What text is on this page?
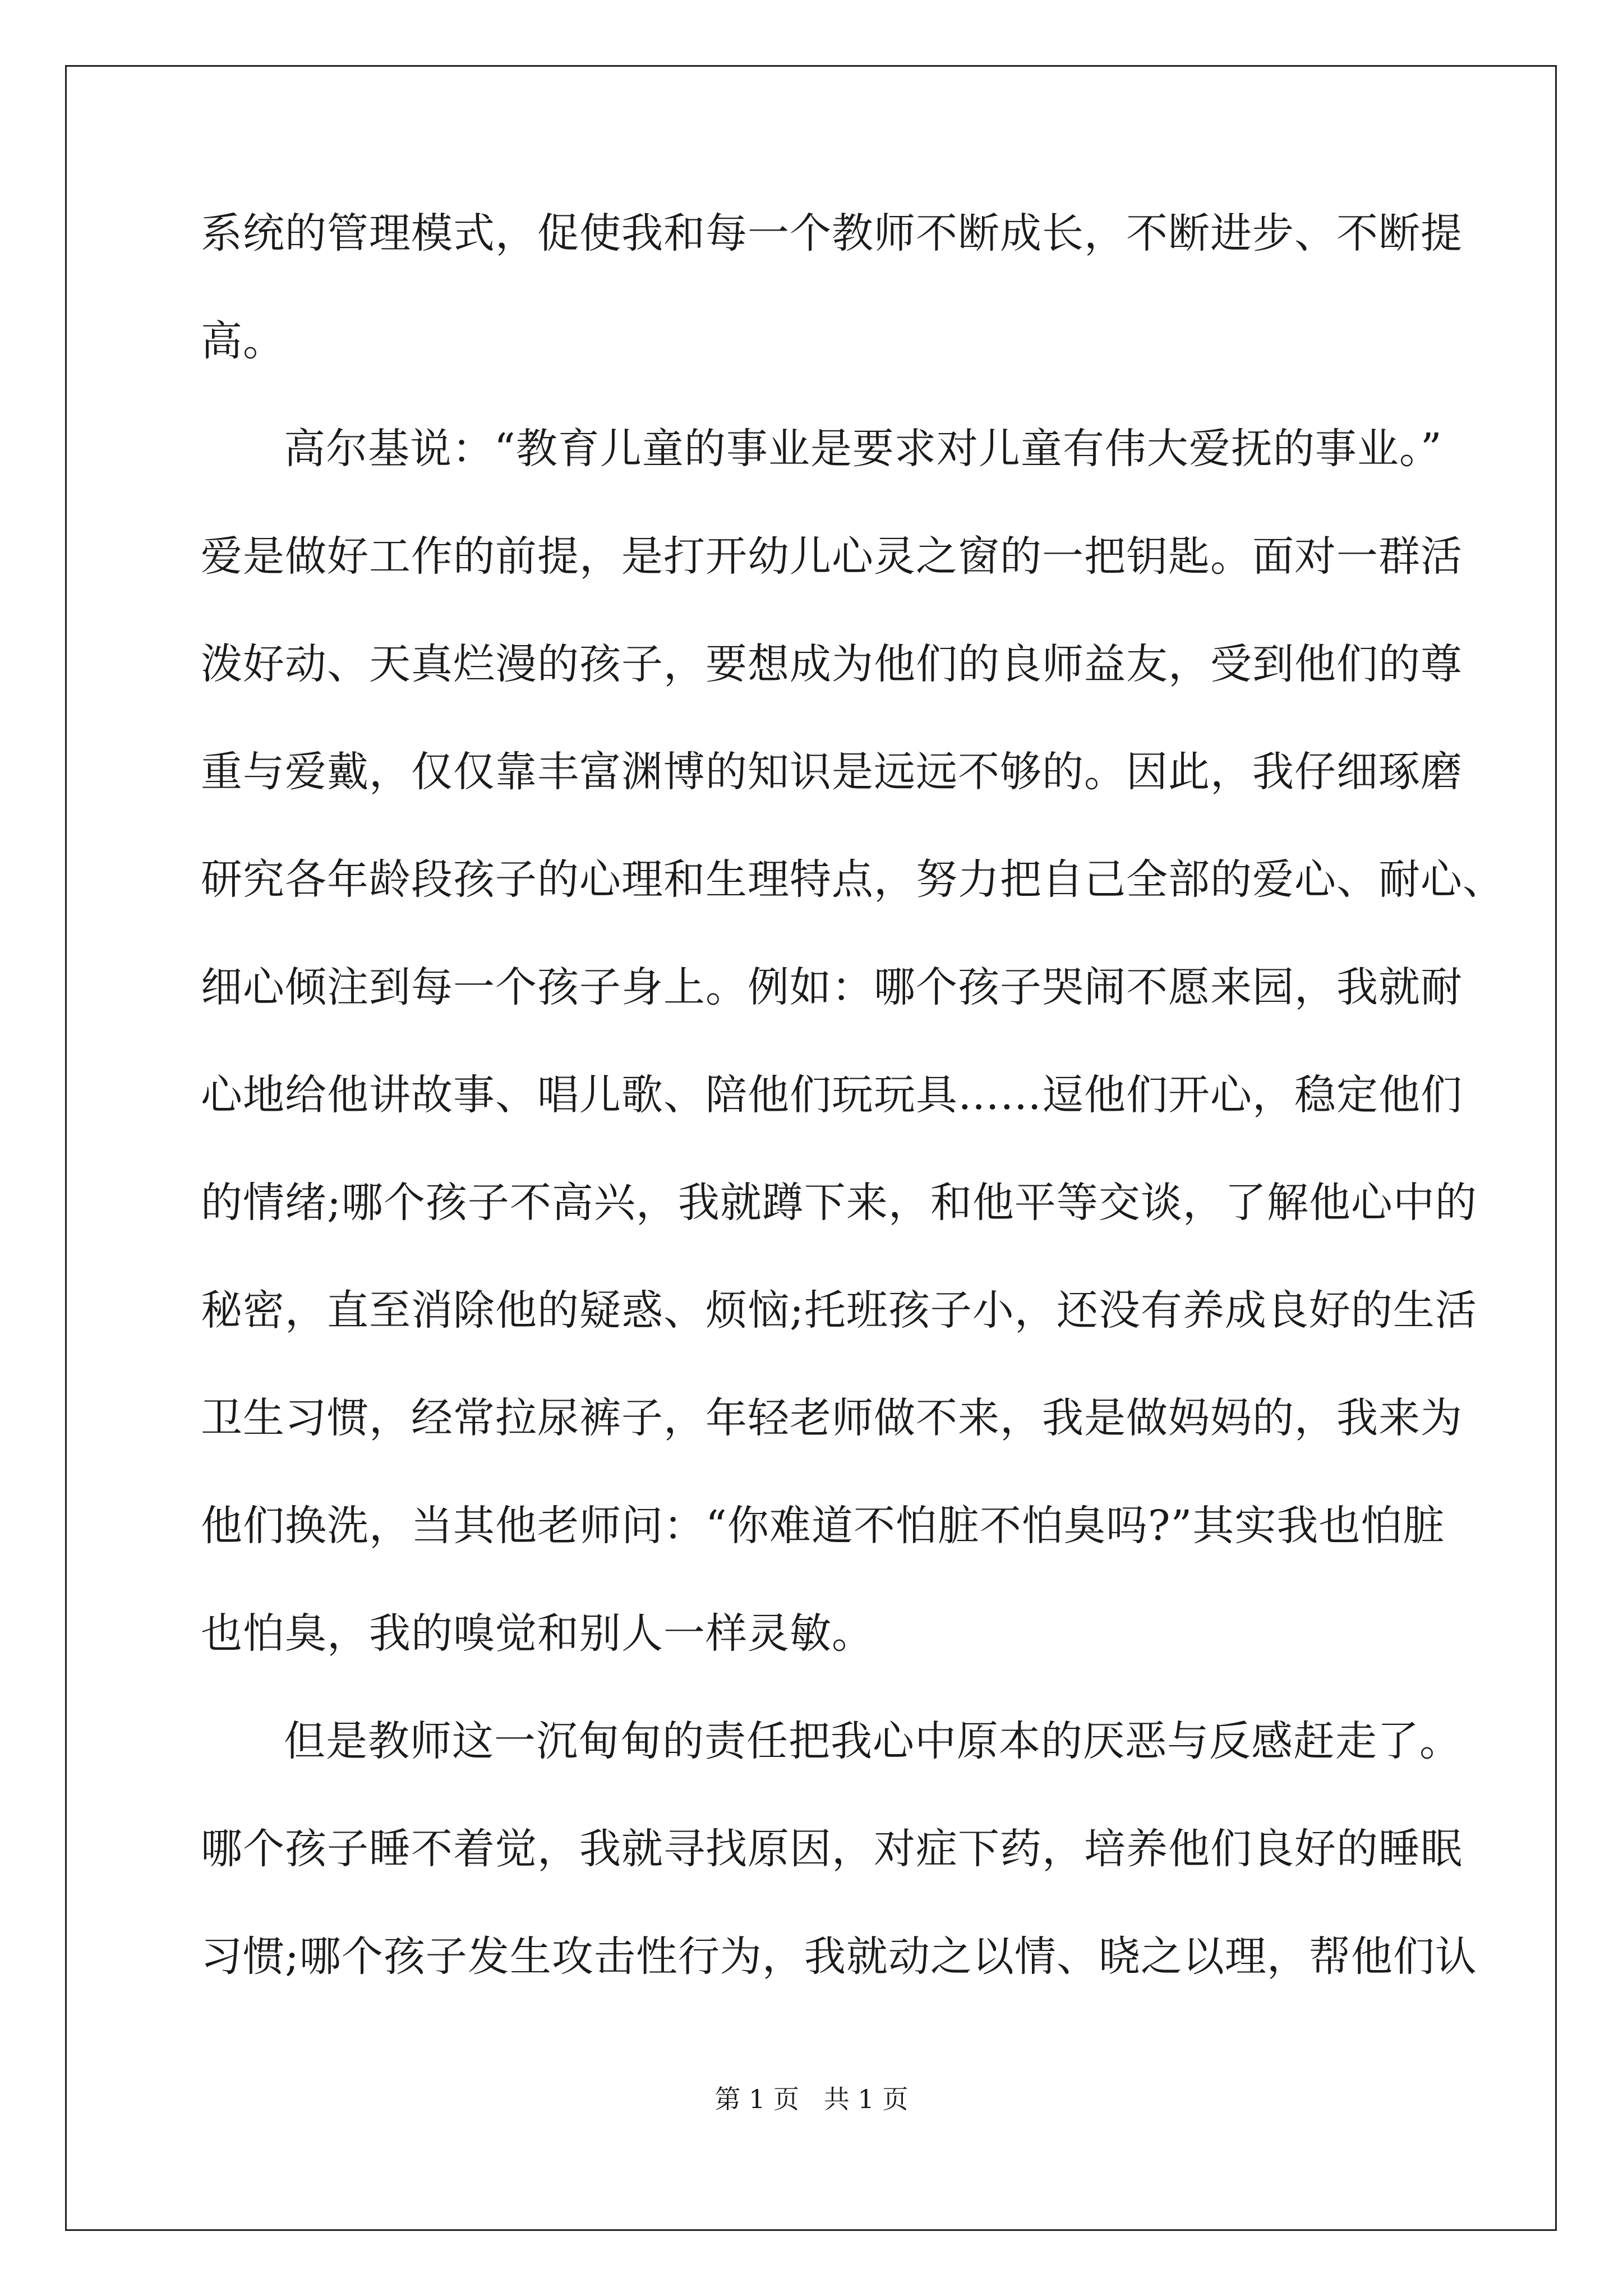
系统的管理模式，促使我和每一个教师不断成长，不断进步、不断提
高。
高尔基说：“教育儿童的事业是要求对儿童有伟大爱抚的事业。”
爱是做好工作的前提，是打开幼儿心灵之窗的一把钥匙。面对一群活
泼好动、天真烂漫的孩子，要想成为他们的良师益友，受到他们的尊
重与爱戴，仅仅靠丰富渊博的知识是远远不够的。因此，我仔细琢磨
研究各年龄段孩子的心理和生理特点，努力把自己全部的爱心、耐心、
细心倾注到每一个孩子身上。例如：哪个孩子哭闹不愿来园，我就耐
心地给他讲故事、唱儿歌、陪他们玩玩具……逗他们开心，稳定他们
的情绪;哪个孩子不高兴，我就蹲下来，和他平等交谈，了解他心中的
秘密，直至消除他的疑惑、烦恼;托班孩子小，还没有养成良好的生活
卫生习惯，经常拉尿裤子，年轻老师做不来，我是做妈妈的，我来为
他们换洗，当其他老师问：“你难道不怕脏不怕臭吗?”其实我也怕脏
也怕臭，我的嗅觉和别人一样灵敏。
但是教师这一沉甸甸的责任把我心中原本的厌恶与反感赶走了。
哪个孩子睡不着觉，我就寻找原因，对症下药，培养他们良好的睡眠
习惯;哪个孩子发生攻击性行为，我就动之以情、晓之以理，帮他们认
第 1 页   共 1 页
